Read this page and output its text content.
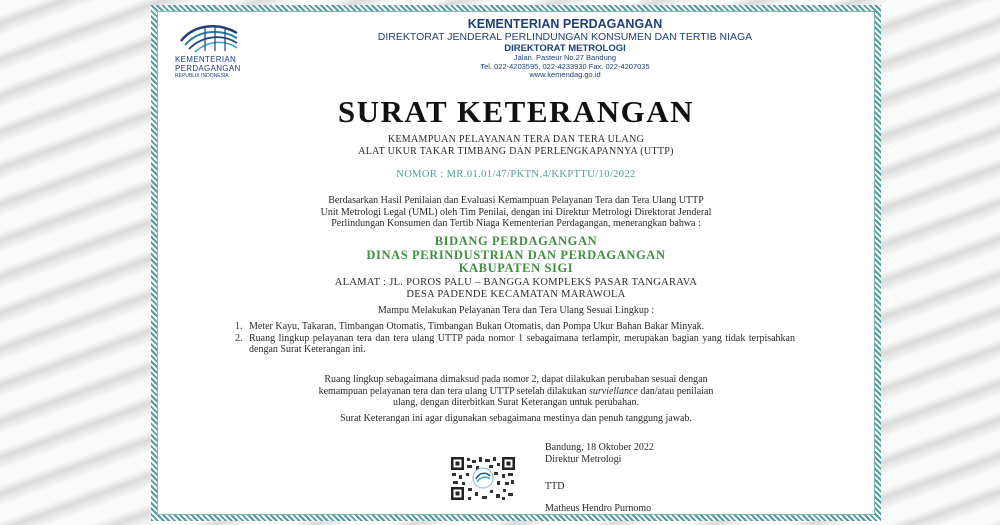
KEMENTERIAN
PERDAGANGAN
REPUBLIK INDONESIA
KEMENTERIAN PERDAGANGAN
DIREKTORAT JENDERAL PERLINDUNGAN KONSUMEN DAN TERTIB NIAGA
DIREKTORAT METROLOGI
Jalan. Pasteur No.27 Bandung
Tel. 022-4203595, 022-4233930 Fax. 022-4207035
www.kemendag.go.id
SURAT KETERANGAN
KEMAMPUAN PELAYANAN TERA DAN TERA ULANG
ALAT UKUR TAKAR TIMBANG DAN PERLENGKAPANNYA (UTTP)
NOMOR : MR.01.01/47/PKTN.4/KKPTTU/10/2022
Berdasarkan Hasil Penilaian dan Evaluasi Kemampuan Pelayanan Tera dan Tera Ulang UTTP
Unit Metrologi Legal (UML) oleh Tim Penilai, dengan ini Direktur Metrologi Direktorat Jenderal
Perlindungan Konsumen dan Tertib Niaga Kementerian Perdagangan, menerangkan bahwa :
BIDANG PERDAGANGAN
DINAS PERINDUSTRIAN DAN PERDAGANGAN
KABUPATEN SIGI
ALAMAT : JL. POROS PALU – BANGGA KOMPLEKS PASAR TANGARAVA
DESA PADENDE KECAMATAN MARAWOLA
Mampu Melakukan Pelayanan Tera dan Tera Ulang Sesuai Lingkup :
1. Meter Kayu, Takaran, Timbangan Otomatis, Timbangan Bukan Otomatis, dan Pompa Ukur Bahan Bakar Minyak.
2. Ruang lingkup pelayanan tera dan tera ulang UTTP pada nomor 1 sebagaimana terlampir, merupakan bagian yang tidak terpisahkan dengan Surat Keterangan ini.
Ruang lingkup sebagaimana dimaksud pada nomor 2, dapat dilakukan perubahan sesuai dengan
kemampuan pelayanan tera dan tera ulang UTTP setelah dilakukan surviellance dan/atau penilaian
ulang, dengan diterbitkan Surat Keterangan untuk perubahan.
Surat Keterangan ini agar digunakan sebagaimana mestinya dan penuh tanggung jawab.
Bandung, 18 Oktober 2022
Direktur Metrologi
TTD
Matheus Hendro Purnomo
